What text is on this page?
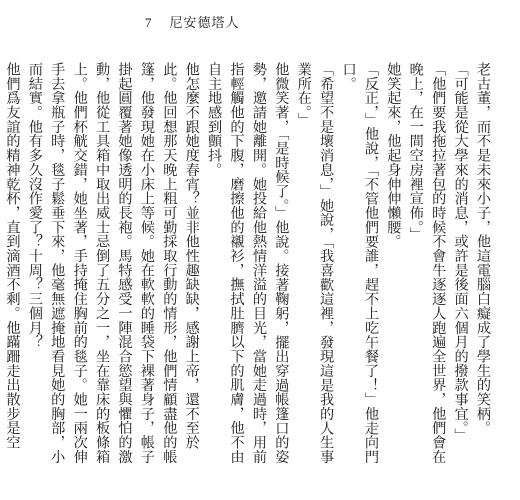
7 尼安德塔人

老古董，而不是未來小子，他這電腦白癡成了學生的笑柄。

「可能是從大學來的消息，或許是後面六個月的撥款事宜。」

「他們要我拖拉著包的時候不會牛逐逐人跑遍全世界，他們會在晚上，在一間空房裡宣佈。」

她笑起來，他起身伸伸懶腰。

「反正，」他說，「不管他們要誰，趕不上吃午餐了！」他走向門口。

「希望不是壞消息，」她說，「我喜歡這裡，發現這是我的人生事業所在。」

他微笑著，「是時候了。」他說。接著鞠躬，擺出穿過帳篷口的姿勢，邀請她離開。她投給他熱情洋溢的目光，當她走過時，用前指輕觸他的下腹，磨擦他的襯衫，撫拭肚臍以下的肌膚，他不由自主地感到顫抖。

他怎麼不跟她度春宵？並非他性趣缺缺，感謝上帝，還不至於此。他回想那天晚上粗可勤採取行動的情形，他們情顧盡他的帳篷，他發現她在小床上等候。她在軟軟的睡袋下裸著身子，帳子掛起圓覆著她像透明的長袍。馬特感受一陣混合慾望與懼怕的激動，他從工具箱中取出威士忌倒了五分之一，坐在靠床的板條箱上。他們杯觥交錯，她坐著，手持掩住胸前的毯子。她一兩次伸手去拿瓶子時，毯子鬆垂下來，他毫無遮掩地看見她的胸部，小而結實。他有多久沒作愛了？十周？三個月？

他們爲友誼的精神乾杯，直到滴酒不剩。他蹣跚走出散步是空
